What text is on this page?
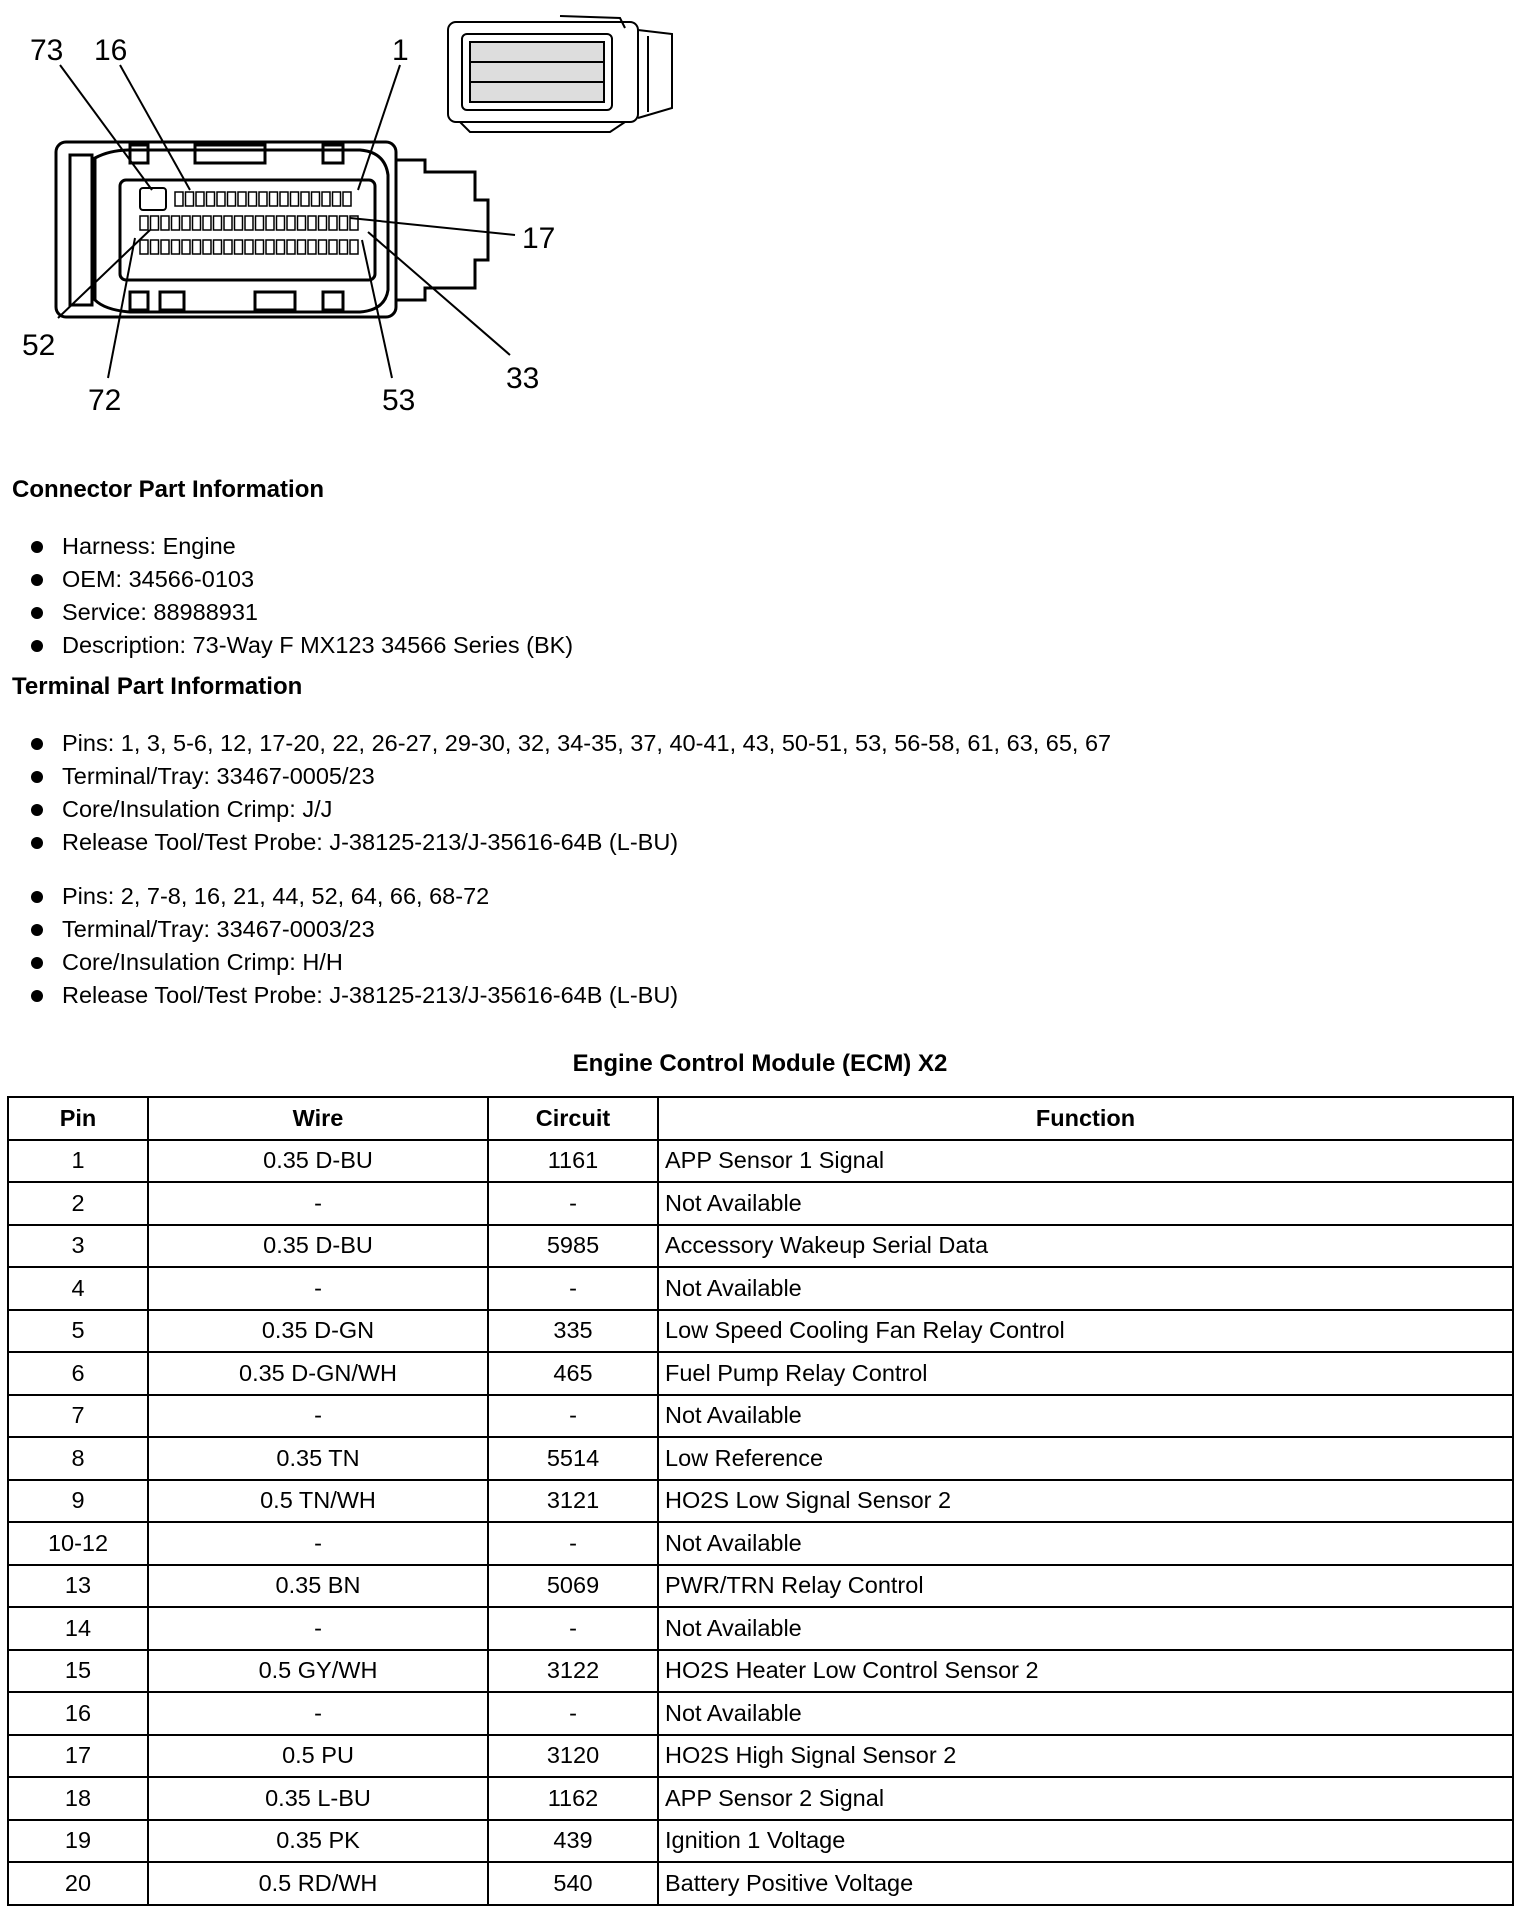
73 16	1
17
52
72	53
33
Connector Part Information
Harness: Engine
OEM: 34566-0103
Service: 88988931
Description: 73-Way F MX123 34566 Series (BK)
Terminal Part Information
Pins: 1, 3, 5-6, 12, 17-20, 22, 26-27, 29-30, 32, 34-35, 37, 40-41, 43, 50-51, 53, 56-58, 61, 63, 65, 67
Terminal/Tray: 33467-0005/23
Core/Insulation Crimp: J/J
Release Tool/Test Probe: J-38125-213/J-35616-64B (L-BU)
Pins: 2, 7-8, 16, 21, 44, 52, 64, 66, 68-72
Terminal/Tray: 33467-0003/23
Core/Insulation Crimp: H/H
Release Tool/Test Probe: J-38125-213/J-35616-64B (L-BU)
Engine Control Module (ECM) X2
Pin	Wire	Circuit	Function
1	0.35 D-BU	1161	APP Sensor 1 Signal
2	-	-	Not Available
3	0.35 D-BU	5985	Accessory Wakeup Serial Data
4	-	-	Not Available
5	0.35 D-GN	335	Low Speed Cooling Fan Relay Control
6	0.35 D-GN/WH	465	Fuel Pump Relay Control
7	-	-	Not Available
8	0.35 TN	5514	Low Reference
9	0.5 TN/WH	3121	HO2S Low Signal Sensor 2
10-12	-	-	Not Available
13	0.35 BN	5069	PWR/TRN Relay Control
14	-	-	Not Available
15	0.5 GY/WH	3122	HO2S Heater Low Control Sensor 2
16	-	-	Not Available
17	0.5 PU	3120	HO2S High Signal Sensor 2
18	0.35 L-BU	1162	APP Sensor 2 Signal
19	0.35 PK	439	Ignition 1 Voltage
20	0.5 RD/WH	540	Battery Positive Voltage
